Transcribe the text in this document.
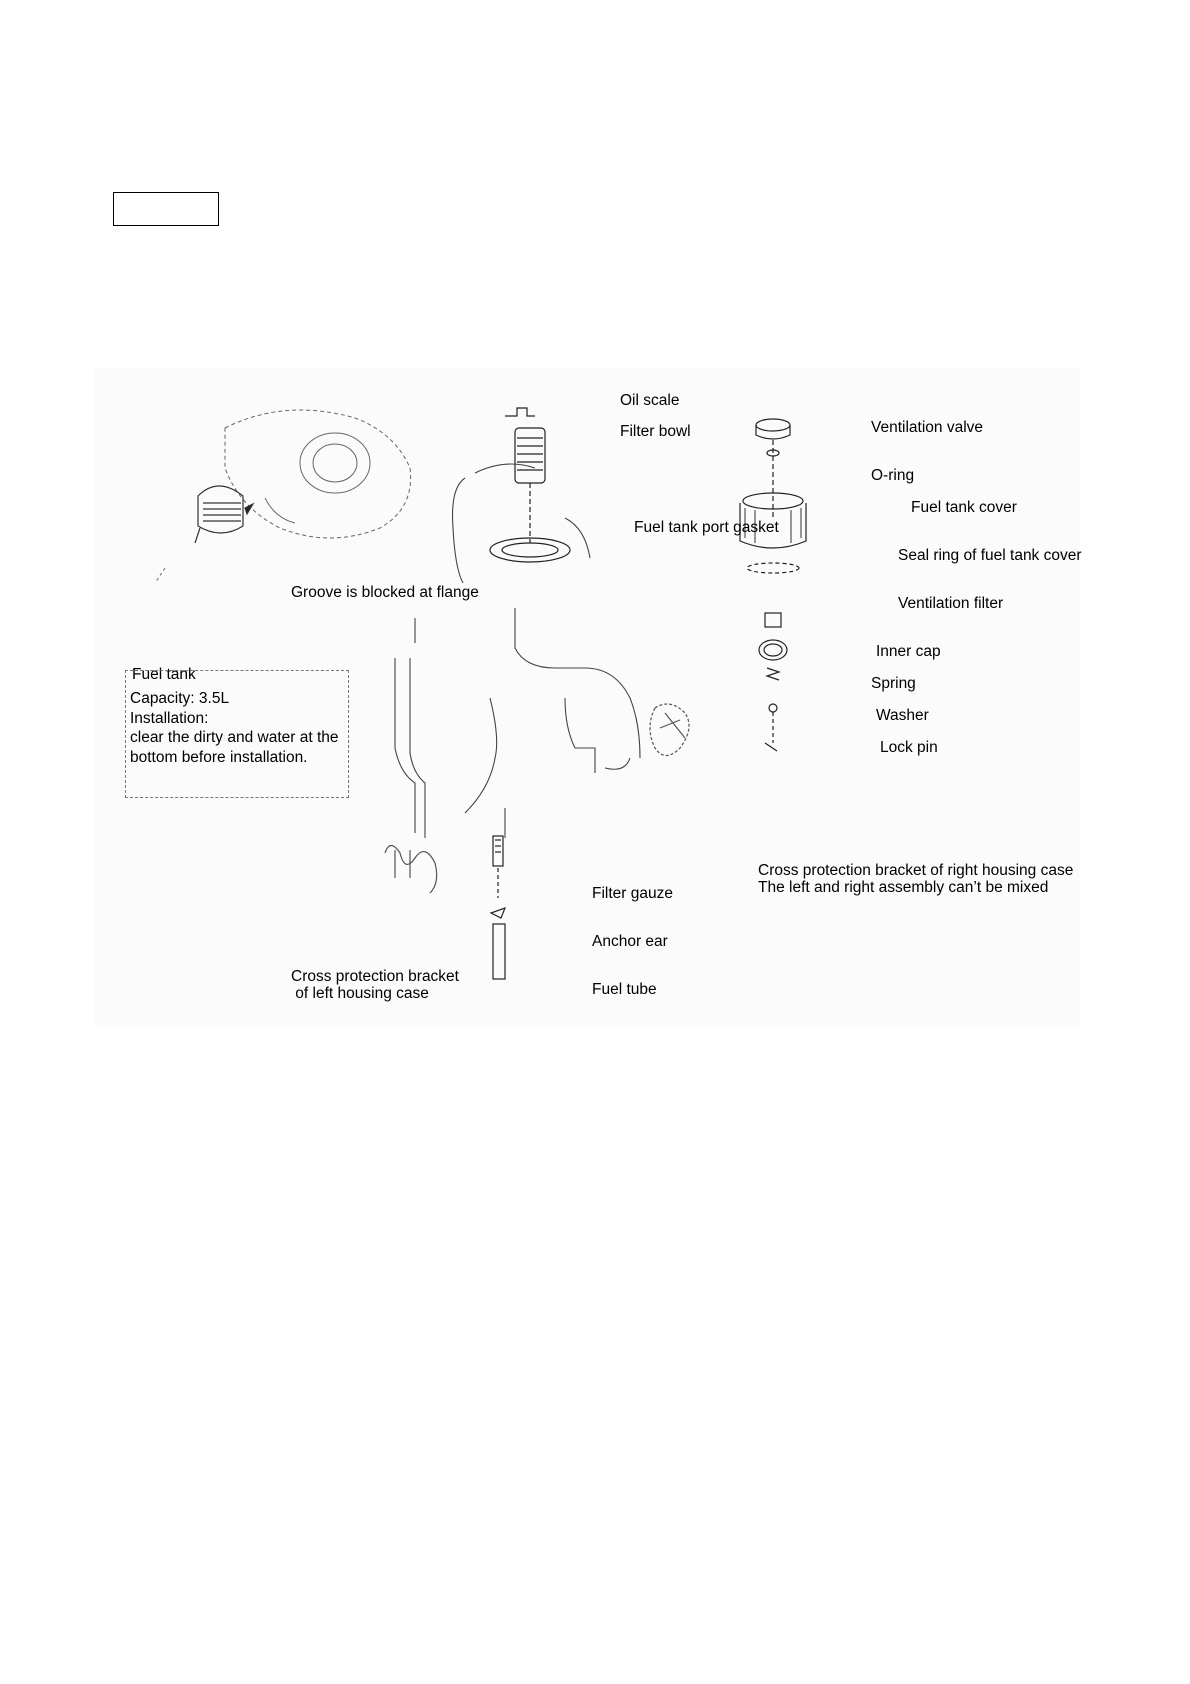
Oil scale
Filter bowl	Ventilation valve
O-ring
Fuel tank cover
Fuel tank port gasket
Seal ring of fuel tank cover
Groove is blocked at flange
Ventilation filter
Inner cap
Spring
Washer
Lock pin
Fuel tank
Cross protection bracket of right housing case
The left and right assembly can’t be mixed
Filter gauze
Anchor ear
Cross protection bracket
of left housing case	Fuel tube
Capacity: 3.5L
Installation:
clear the dirty and water at the
bottom before installation.
